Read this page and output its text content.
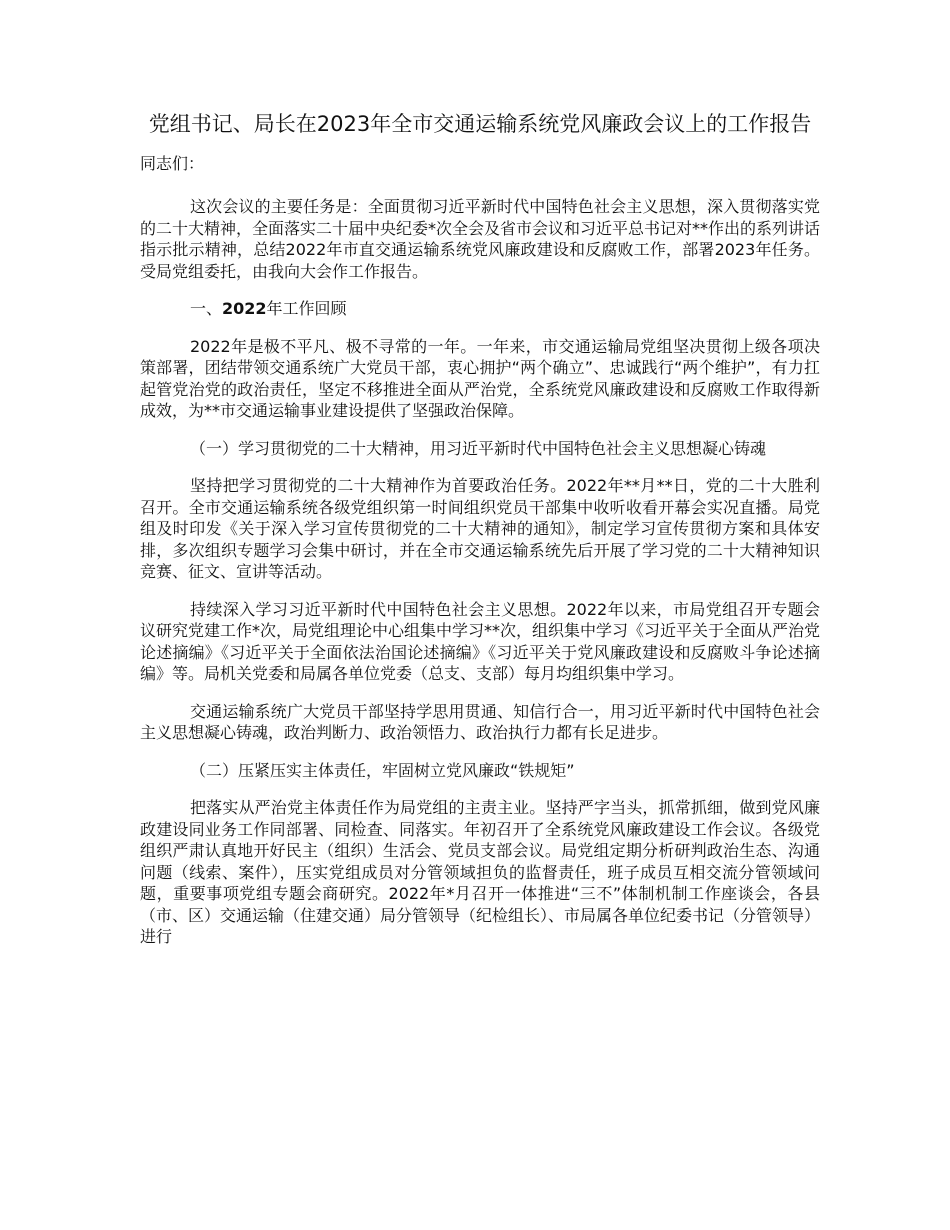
党组书记、局长在2023年全市交通运输系统党风廉政会议上的工作报告

同志们：

这次会议的主要任务是：全面贯彻习近平新时代中国特色社会主义思想，深入贯彻落实党的二十大精神，全面落实二十届中央纪委*次全会及省市会议和习近平总书记对**作出的系列讲话指示批示精神，总结2022年市直交通运输系统党风廉政建设和反腐败工作，部署2023年任务。受局党组委托，由我向大会作工作报告。

一、2022年工作回顾

2022年是极不平凡、极不寻常的一年。一年来，市交通运输局党组坚决贯彻上级各项决策部署，团结带领交通系统广大党员干部，衷心拥护“两个确立”、忠诚践行“两个维护”，有力扛起管党治党的政治责任，坚定不移推进全面从严治党，全系统党风廉政建设和反腐败工作取得新成效，为**市交通运输事业建设提供了坚强政治保障。

（一）学习贯彻党的二十大精神，用习近平新时代中国特色社会主义思想凝心铸魂

坚持把学习贯彻党的二十大精神作为首要政治任务。2022年**月**日，党的二十大胜利召开。全市交通运输系统各级党组织第一时间组织党员干部集中收听收看开幕会实况直播。局党组及时印发《关于深入学习宣传贯彻党的二十大精神的通知》，制定学习宣传贯彻方案和具体安排，多次组织专题学习会集中研讨，并在全市交通运输系统先后开展了学习党的二十大精神知识竞赛、征文、宣讲等活动。

持续深入学习习近平新时代中国特色社会主义思想。2022年以来，市局党组召开专题会议研究党建工作*次，局党组理论中心组集中学习**次，组织集中学习《习近平关于全面从严治党论述摘编》《习近平关于全面依法治国论述摘编》《习近平关于党风廉政建设和反腐败斗争论述摘编》等。局机关党委和局属各单位党委（总支、支部）每月均组织集中学习。

交通运输系统广大党员干部坚持学思用贯通、知信行合一，用习近平新时代中国特色社会主义思想凝心铸魂，政治判断力、政治领悟力、政治执行力都有长足进步。

（二）压紧压实主体责任，牢固树立党风廉政“铁规矩”

把落实从严治党主体责任作为局党组的主责主业。坚持严字当头，抓常抓细，做到党风廉政建设同业务工作同部署、同检查、同落实。年初召开了全系统党风廉政建设工作会议。各级党组织严肃认真地开好民主（组织）生活会、党员支部会议。局党组定期分析研判政治生态、沟通问题（线索、案件），压实党组成员对分管领域担负的监督责任，班子成员互相交流分管领域问题，重要事项党组专题会商研究。2022年*月召开一体推进“三不”体制机制工作座谈会，各县（市、区）交通运输（住建交通）局分管领导（纪检组长）、市局属各单位纪委书记（分管领导）进行
